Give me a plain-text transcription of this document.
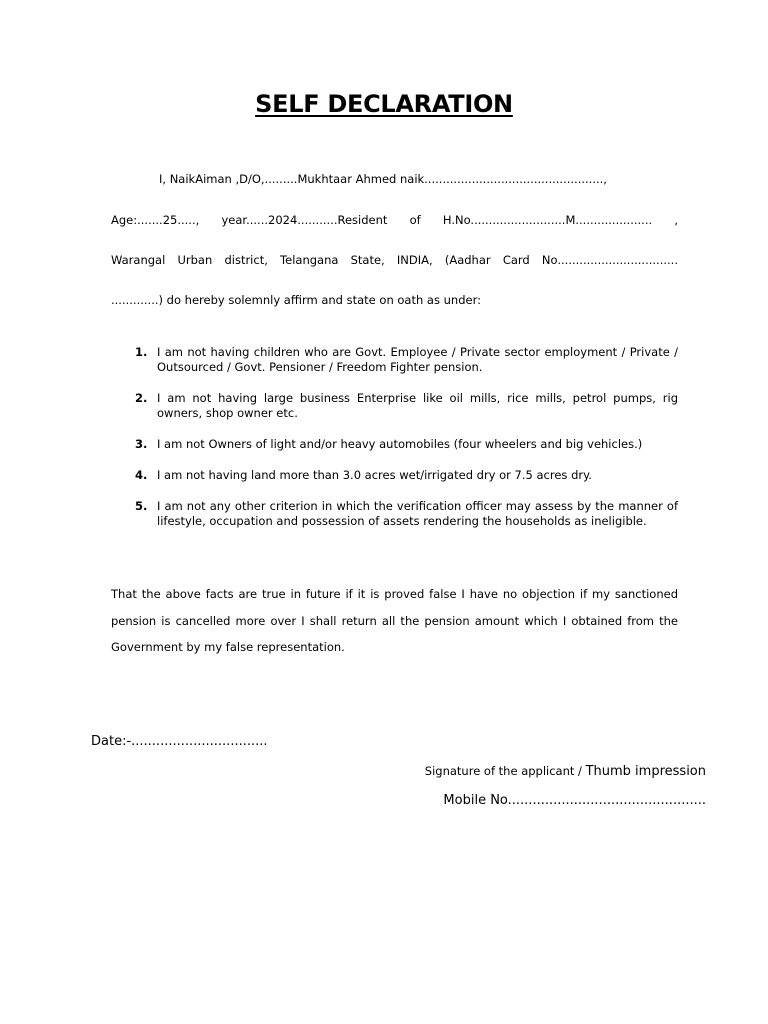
SELF DECLARATION
I, NaikAiman ,D/O,.........Mukhtaar Ahmed naik.................................................,
Age:.......25....., year......2024...........Resident of H.No..........................M..................... ,
Warangal Urban district, Telangana State, INDIA, (Aadhar Card No.................................
.............) do hereby solemnly affirm and state on oath as under:
1. I am not having children who are Govt. Employee / Private sector employment / Private / Outsourced / Govt. Pensioner / Freedom Fighter pension.
2. I am not having large business Enterprise like oil mills, rice mills, petrol pumps, rig owners, shop owner etc.
3. I am not Owners of light and/or heavy automobiles (four wheelers and big vehicles.)
4. I am not having land more than 3.0 acres wet/irrigated dry or 7.5 acres dry.
5. I am not any other criterion in which the verification officer may assess by the manner of lifestyle, occupation and possession of assets rendering the households as ineligible.
That the above facts are true in future if it is proved false I have no objection if my sanctioned pension is cancelled more over I shall return all the pension amount which I obtained from the Government by my false representation.
Date:-.................................
Signature of the applicant / Thumb impression
Mobile No................................................
